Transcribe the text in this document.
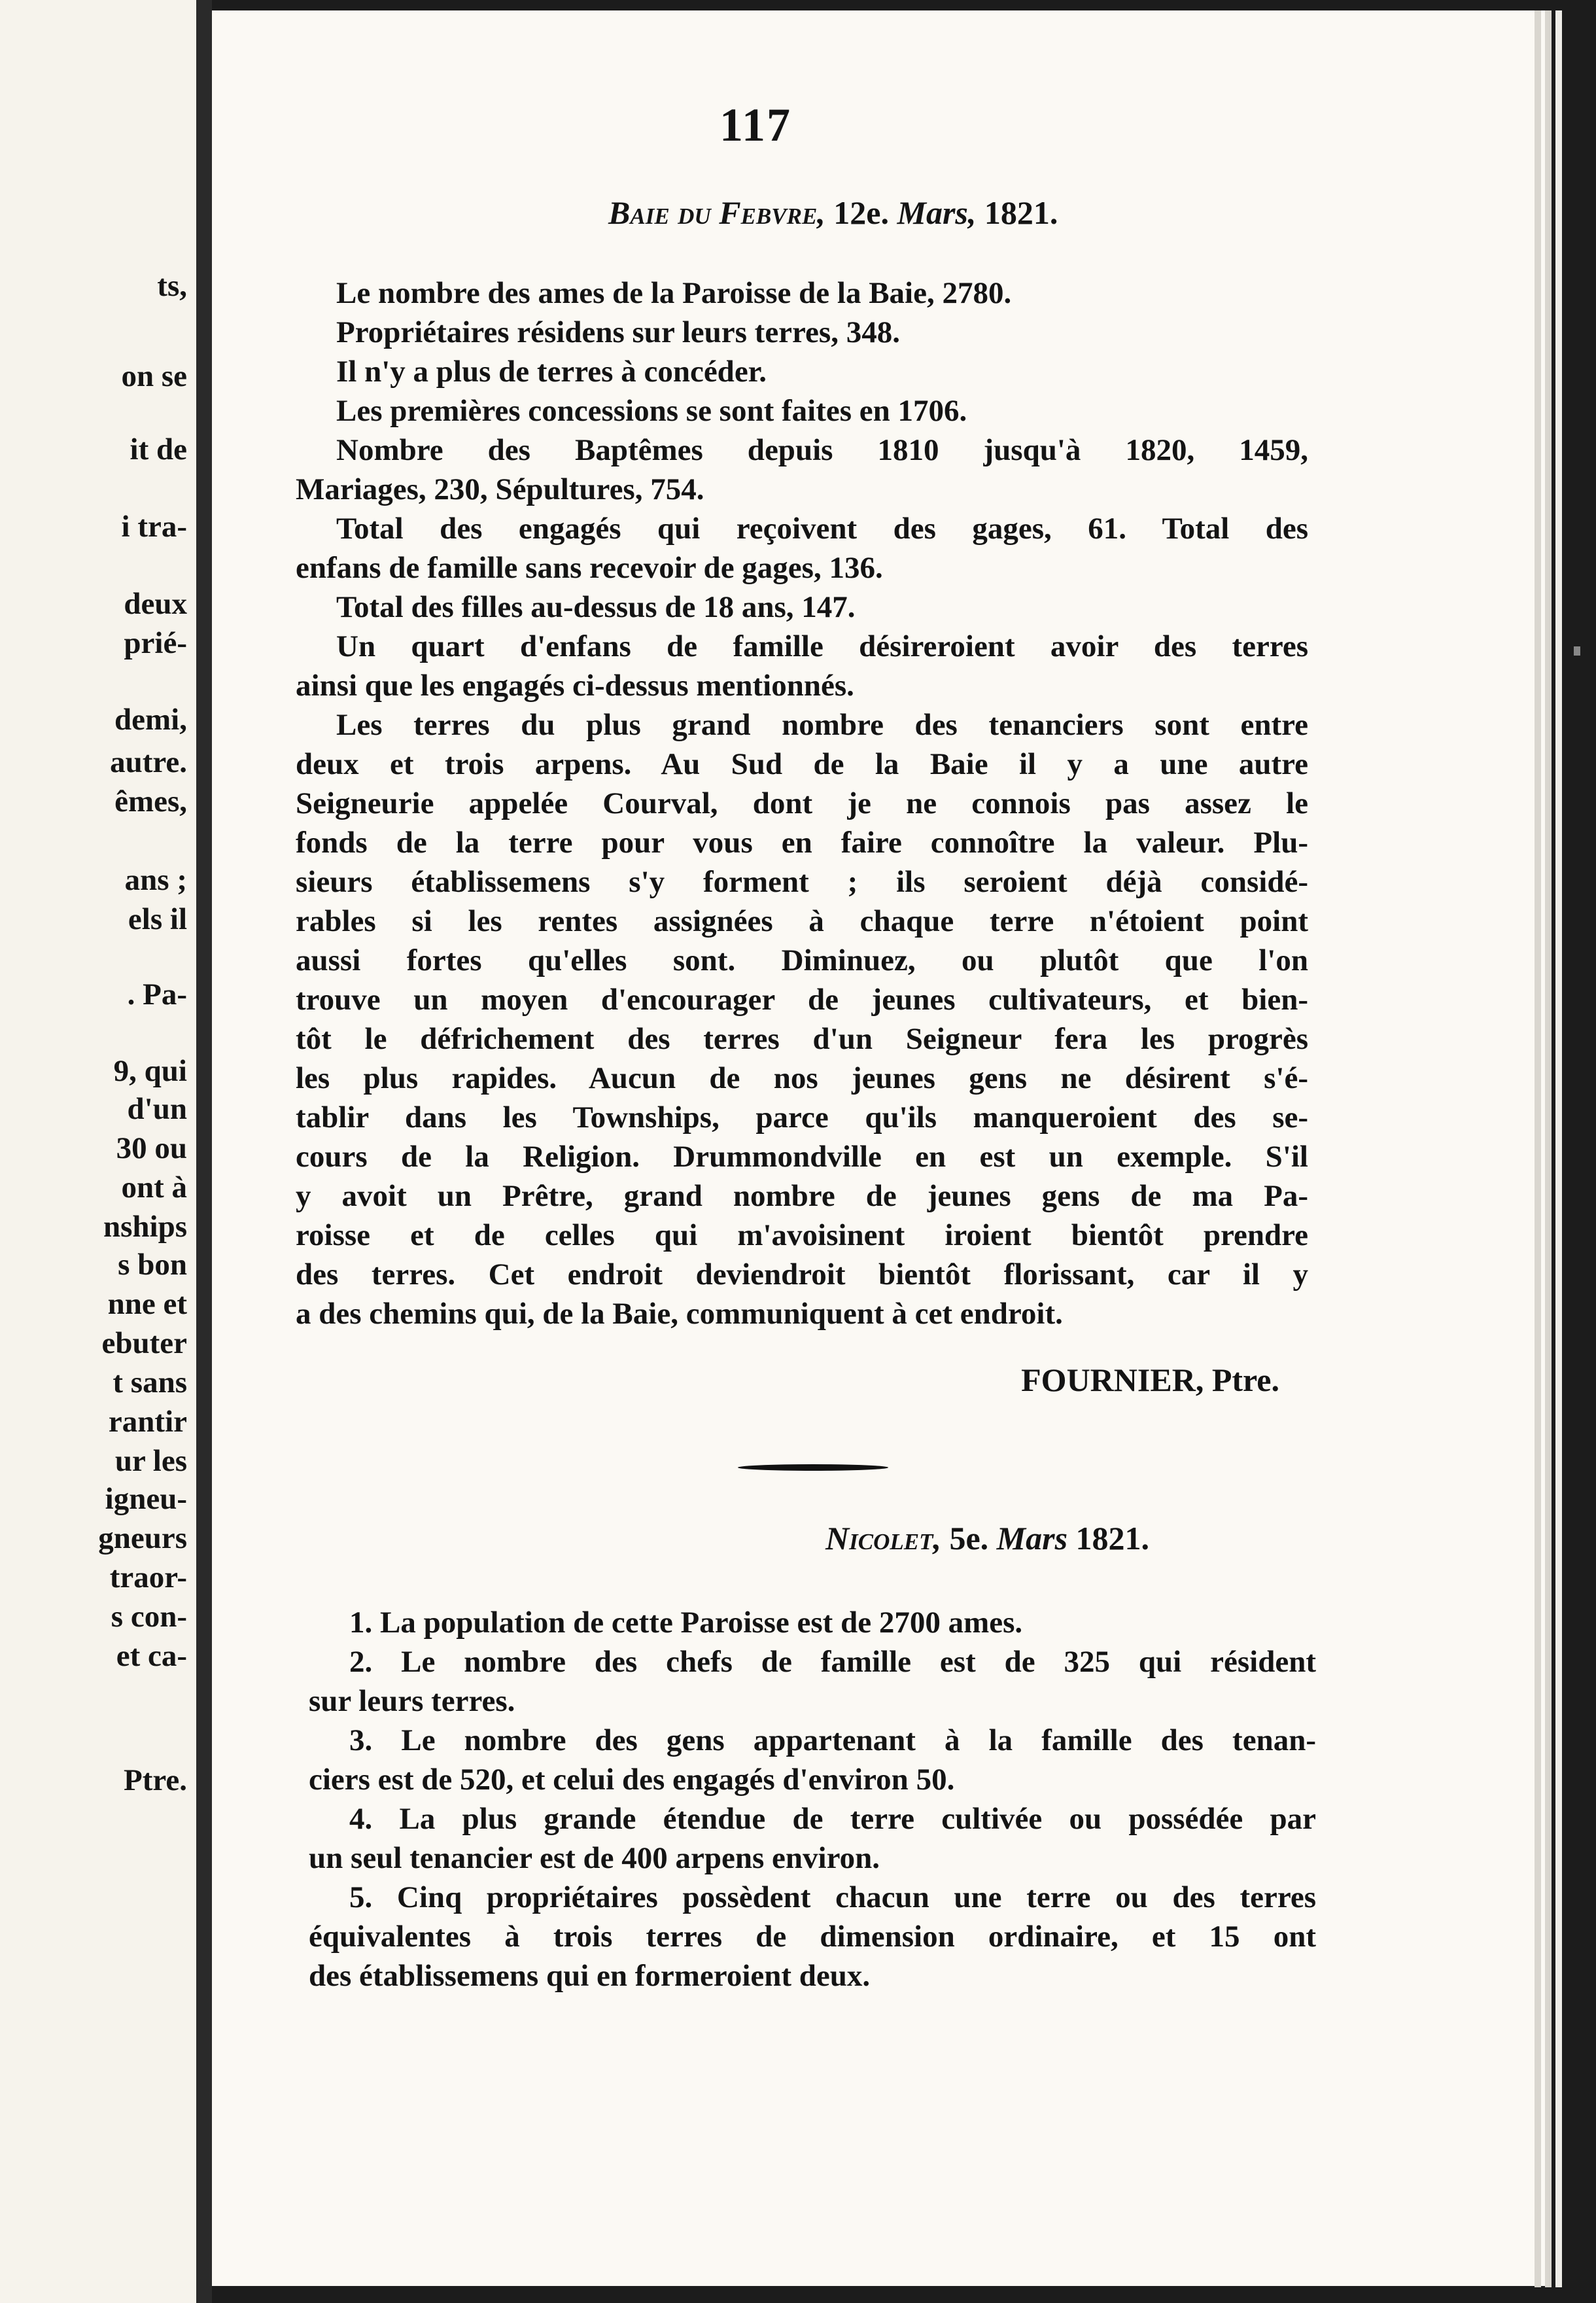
ts,
on se
it de
i tra-
deux
prié-
demi,
autre.
êmes,
ans ;
els il
. Pa-
9, qui
d'un
30 ou
ont à
nships
s bon
nne et
ebuter
t sans
rantir
ur les
igneu-
gneurs
traor-
s con-
et ca-
Ptre.
117
Baie du Febvre, 12e. Mars, 1821.
Le nombre des ames de la Paroisse de la Baie, 2780.
Propriétaires résidens sur leurs terres, 348.
Il n'y a plus de terres à concéder.
Les premières concessions se sont faites en 1706.
Nombre des Baptêmes depuis 1810 jusqu'à 1820, 1459,
Mariages, 230, Sépultures, 754.
Total des engagés qui reçoivent des gages, 61. Total des
enfans de famille sans recevoir de gages, 136.
Total des filles au-dessus de 18 ans, 147.
Un quart d'enfans de famille désireroient avoir des terres
ainsi que les engagés ci-dessus mentionnés.
Les terres du plus grand nombre des tenanciers sont entre
deux et trois arpens. Au Sud de la Baie il y a une autre
Seigneurie appelée Courval, dont je ne connois pas assez le
fonds de la terre pour vous en faire connoître la valeur. Plu-
sieurs établissemens s'y forment ; ils seroient déjà considé-
rables si les rentes assignées à chaque terre n'étoient point
aussi fortes qu'elles sont. Diminuez, ou plutôt que l'on
trouve un moyen d'encourager de jeunes cultivateurs, et bien-
tôt le défrichement des terres d'un Seigneur fera les progrès
les plus rapides. Aucun de nos jeunes gens ne désirent s'é-
tablir dans les Townships, parce qu'ils manqueroient des se-
cours de la Religion. Drummondville en est un exemple. S'il
y avoit un Prêtre, grand nombre de jeunes gens de ma Pa-
roisse et de celles qui m'avoisinent iroient bientôt prendre
des terres. Cet endroit deviendroit bientôt florissant, car il y
a des chemins qui, de la Baie, communiquent à cet endroit.
FOURNIER, Ptre.
Nicolet, 5e. Mars 1821.
1. La population de cette Paroisse est de 2700 ames.
2. Le nombre des chefs de famille est de 325 qui résident
sur leurs terres.
3. Le nombre des gens appartenant à la famille des tenan-
ciers est de 520, et celui des engagés d'environ 50.
4. La plus grande étendue de terre cultivée ou possédée par
un seul tenancier est de 400 arpens environ.
5. Cinq propriétaires possèdent chacun une terre ou des terres
équivalentes à trois terres de dimension ordinaire, et 15 ont
des établissemens qui en formeroient deux.
